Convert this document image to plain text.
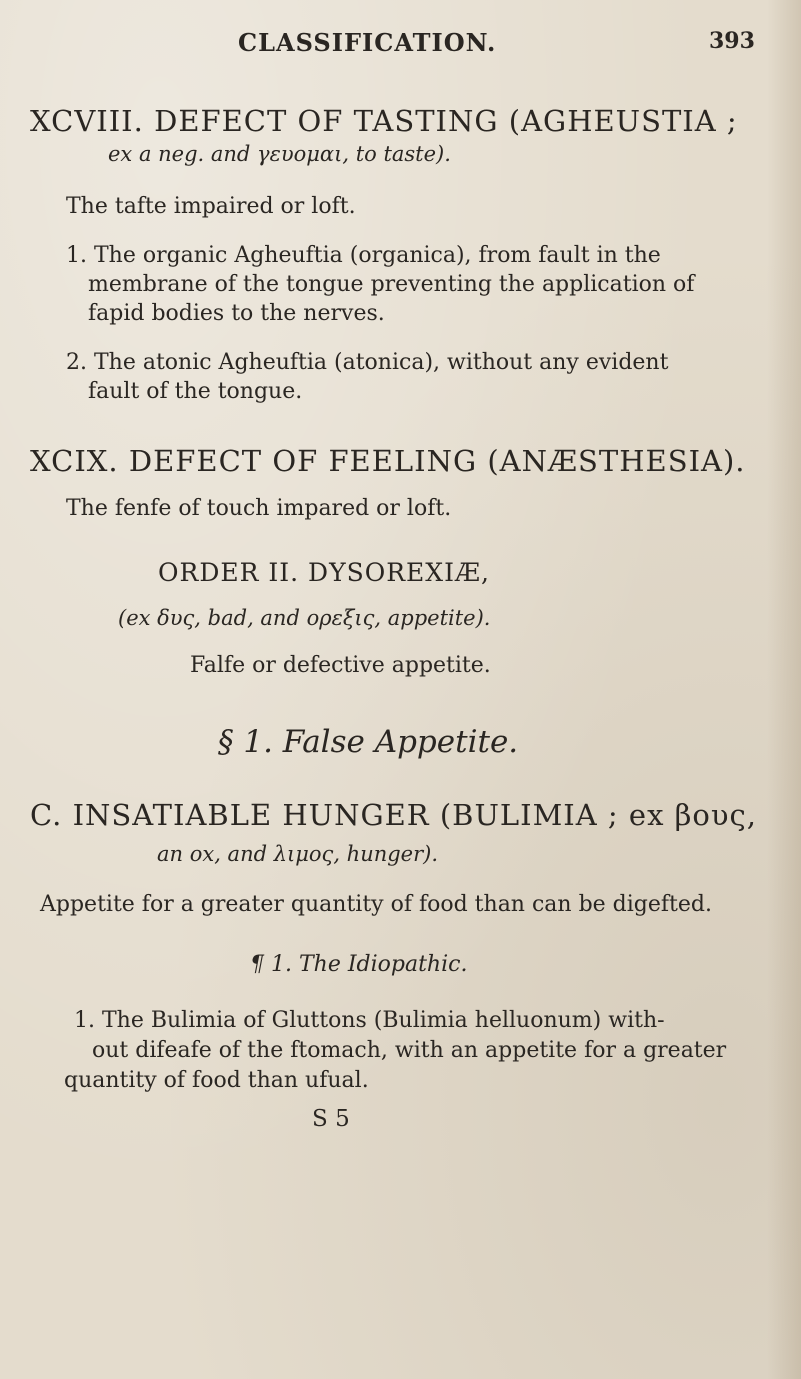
CLASSIFICATION.	393
XCVIII. DEFECT OF TASTING (AGHEUSTIA ;
ex a neg. and γευομαι, to taste).
The tafte impaired or loft.
1. The organic Agheuftia (organica), from fault in the
membrane of the tongue preventing the application of
fapid bodies to the nerves.
2. The atonic Agheuftia (atonica), without any evident
fault of the tongue.
XCIX. DEFECT OF FEELING (ANÆSTHESIA).
The fenfe of touch impared or loft.
ORDER II. DYSOREXIÆ,
(ex δυς, bad, and ορεξις, appetite).
Falfe or defective appetite.
§ 1. False Appetite.
C. INSATIABLE HUNGER (BULIMIA ; ex βους,
an ox, and λιμος, hunger).
Appetite for a greater quantity of food than can be digefted.
¶ 1. The Idiopathic.
1. The Bulimia of Gluttons (Bulimia helluonum) with-
out difeafe of the ftomach, with an appetite for a greater
quantity of food than ufual.
S 5
